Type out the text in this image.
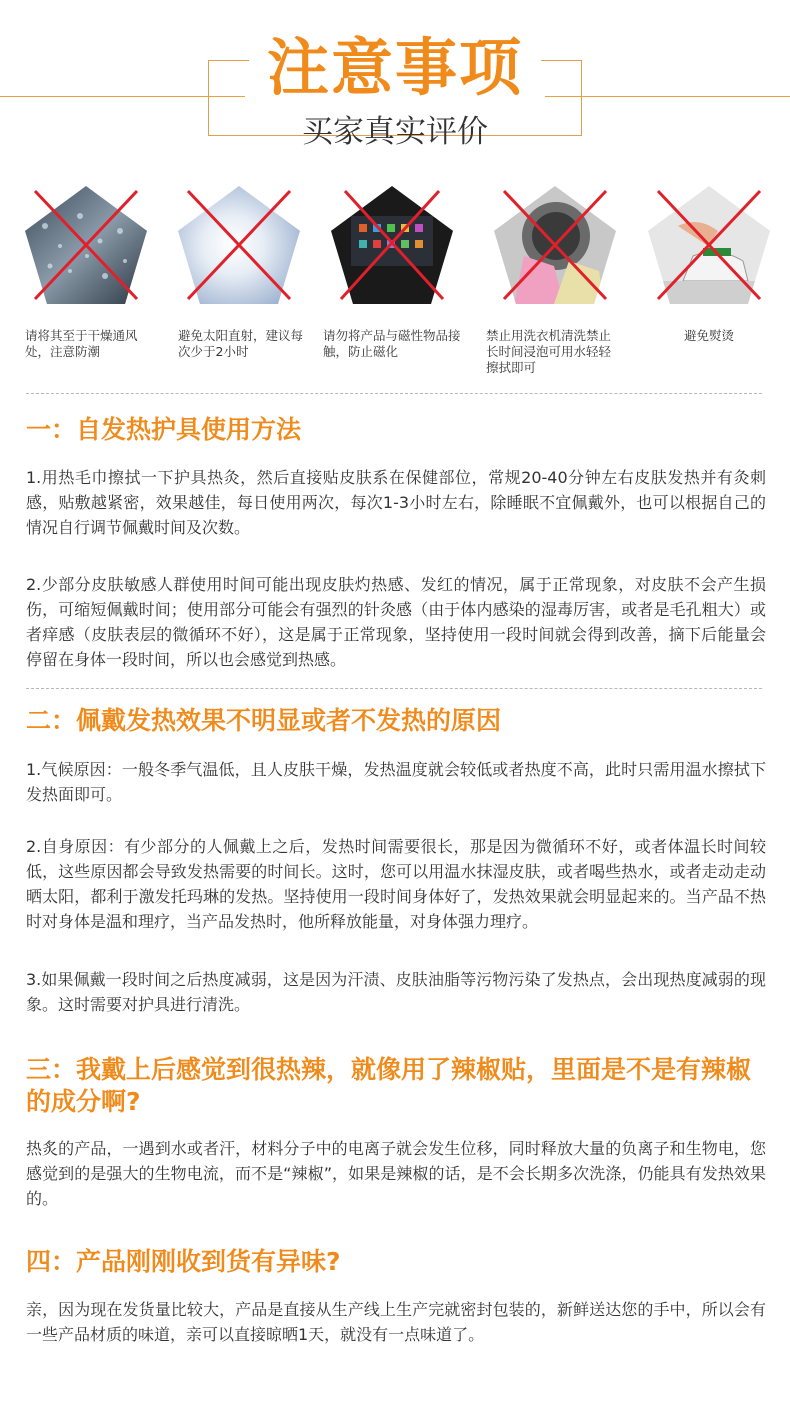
注意事项
买家真实评价
请将其至于干燥通风处，注意防潮
避免太阳直射，建议每次少于2小时
请勿将产品与磁性物品接触，防止磁化
禁止用洗衣机清洗禁止长时间浸泡可用水轻轻擦拭即可
避免熨烫
一：自发热护具使用方法
1.用热毛巾擦拭一下护具热灸，然后直接贴皮肤系在保健部位，常规20-40分钟左右皮肤发热并有灸刺感，贴敷越紧密，效果越佳，每日使用两次，每次1-3小时左右，除睡眠不宜佩戴外，也可以根据自己的情况自行调节佩戴时间及次数。
2.少部分皮肤敏感人群使用时间可能出现皮肤灼热感、发红的情况，属于正常现象，对皮肤不会产生损伤，可缩短佩戴时间；使用部分可能会有强烈的针灸感（由于体内感染的湿毒厉害，或者是毛孔粗大）或者痒感（皮肤表层的微循环不好），这是属于正常现象，坚持使用一段时间就会得到改善，摘下后能量会停留在身体一段时间，所以也会感觉到热感。
二：佩戴发热效果不明显或者不发热的原因
1.气候原因：一般冬季气温低，且人皮肤干燥，发热温度就会较低或者热度不高，此时只需用温水擦拭下发热面即可。
2.自身原因：有少部分的人佩戴上之后，发热时间需要很长，那是因为微循环不好，或者体温长时间较低，这些原因都会导致发热需要的时间长。这时，您可以用温水抹湿皮肤，或者喝些热水，或者走动走动晒太阳，都利于激发托玛琳的发热。坚持使用一段时间身体好了，发热效果就会明显起来的。当产品不热时对身体是温和理疗，当产品发热时，他所释放能量，对身体强力理疗。
3.如果佩戴一段时间之后热度减弱，这是因为汗渍、皮肤油脂等污物污染了发热点，会出现热度减弱的现象。这时需要对护具进行清洗。
三：我戴上后感觉到很热辣，就像用了辣椒贴，里面是不是有辣椒的成分啊?
热炙的产品，一遇到水或者汗，材料分子中的电离子就会发生位移，同时释放大量的负离子和生物电，您感觉到的是强大的生物电流，而不是“辣椒”，如果是辣椒的话，是不会长期多次洗涤，仍能具有发热效果的。
四：产品刚刚收到货有异味?
亲，因为现在发货量比较大，产品是直接从生产线上生产完就密封包装的，新鲜送达您的手中，所以会有一些产品材质的味道，亲可以直接晾晒1天，就没有一点味道了。
